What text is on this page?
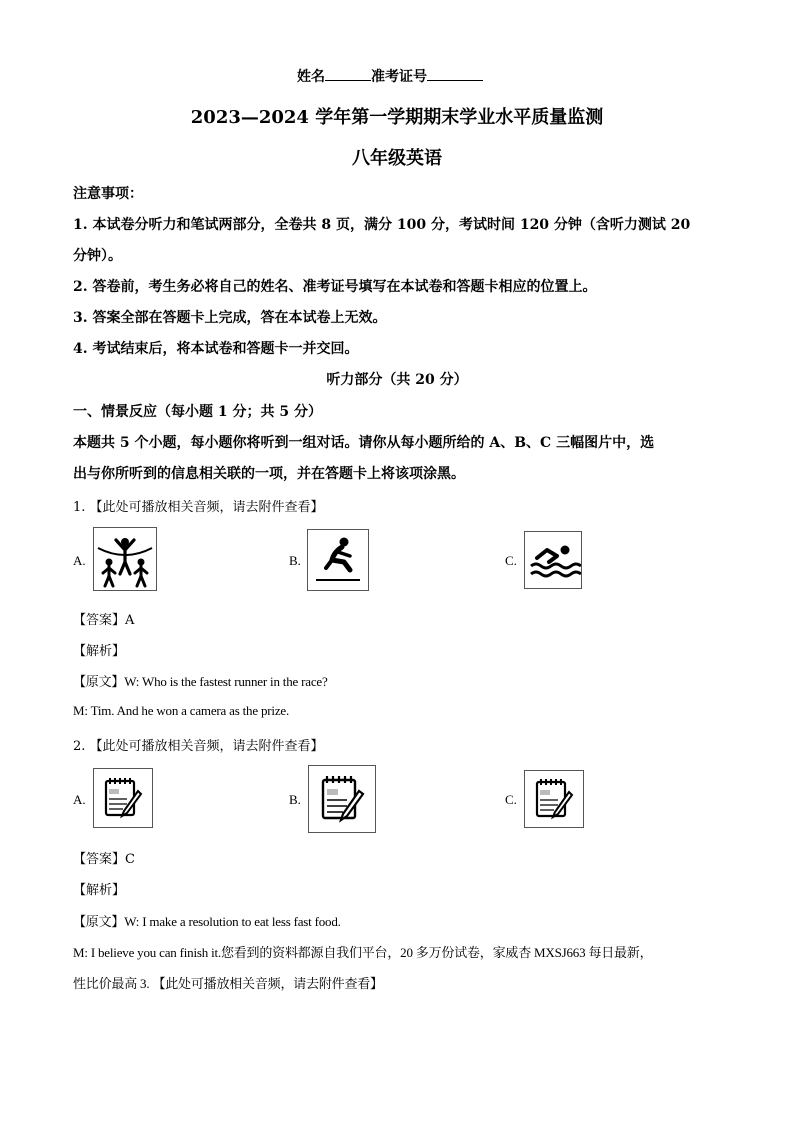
姓名	准考证号
2023—2024 学年第一学期期末学业水平质量监测
八年级英语
注意事项：
1. 本试卷分听力和笔试两部分，全卷共 8 页，满分 100 分，考试时间 120 分钟（含听力测试 20
分钟）。
2. 答卷前，考生务必将自己的姓名、准考证号填写在本试卷和答题卡相应的位置上。
3. 答案全部在答题卡上完成，答在本试卷上无效。
4. 考试结束后，将本试卷和答题卡一并交回。
听力部分（共 20 分）
一、情景反应（每小题 1 分；共 5 分）
本题共 5 个小题，每小题你将听到一组对话。请你从每小题所给的 A、B、C 三幅图片中，选
出与你所听到的信息相关联的一项，并在答题卡上将该项涂黑。
1. 【此处可播放相关音频，请去附件查看】
A.	B.	C.
【答案】A
【解析】
【原文】W: Who is the fastest runner in the race?
M: Tim. And he won a camera as the prize.
2. 【此处可播放相关音频，请去附件查看】
A.	B.	C.
【答案】C
【解析】
【原文】W: I make a resolution to eat less fast food.
M: I believe you can finish it.您看到的资料都源自我们平台，20 多万份试卷，家威杏 MXSJ663 每日最新，
性比价最高 3. 【此处可播放相关音频，请去附件查看】
